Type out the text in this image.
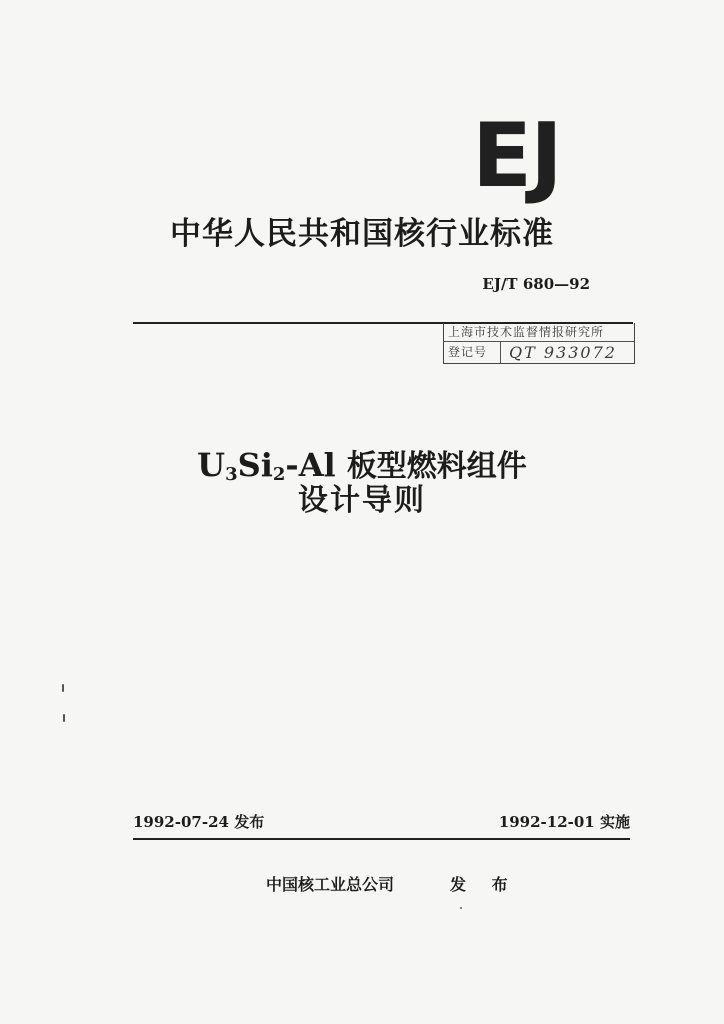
EJ
中华人民共和国核行业标准
EJ/T 680—92
上海市技术监督情报研究所
登记号	QT 933072
$U_3Si_2-Al$ 板型燃料组件
设计导则
1992-07-24 发布	1992-12-01 实施
中国核工业总公司	发 布
